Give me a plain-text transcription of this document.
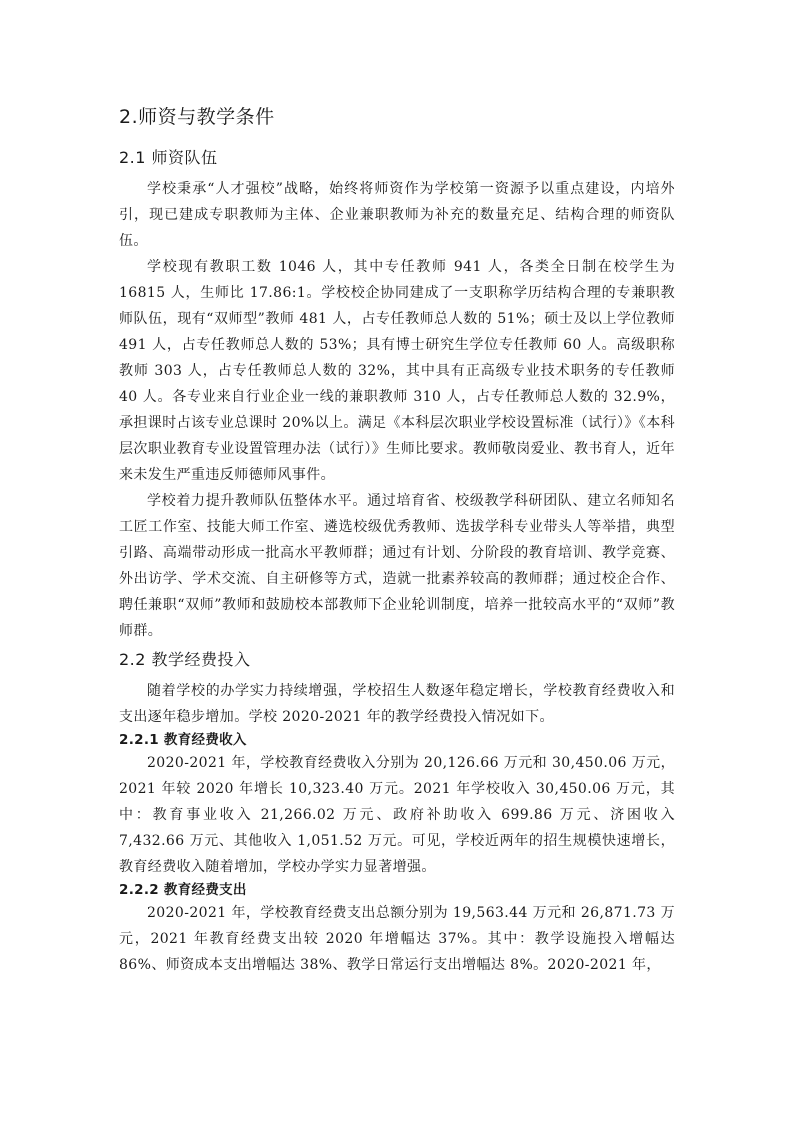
2.师资与教学条件
2.1 师资队伍

学校秉承“人才强校”战略，始终将师资作为学校第一资源予以重点建设，内培外引，现已建成专职教师为主体、企业兼职教师为补充的数量充足、结构合理的师资队伍。

学校现有教职工数 1046 人，其中专任教师 941 人，各类全日制在校学生为 16815 人，生师比 17.86:1。学校校企协同建成了一支职称学历结构合理的专兼职教师队伍，现有“双师型”教师 481 人，占专任教师总人数的 51%；硕士及以上学位教师 491 人，占专任教师总人数的 53%；具有博士研究生学位专任教师 60 人。高级职称教师 303 人，占专任教师总人数的 32%，其中具有正高级专业技术职务的专任教师 40 人。各专业来自行业企业一线的兼职教师 310 人，占专任教师总人数的 32.9%，承担课时占该专业总课时 20%以上。满足《本科层次职业学校设置标准（试行）》《本科层次职业教育专业设置管理办法（试行）》生师比要求。教师敬岗爱业、教书育人，近年来未发生严重违反师德师风事件。

学校着力提升教师队伍整体水平。通过培育省、校级教学科研团队、建立名师知名工匠工作室、技能大师工作室、遴选校级优秀教师、选拔学科专业带头人等举措，典型引路、高端带动形成一批高水平教师群；通过有计划、分阶段的教育培训、教学竞赛、外出访学、学术交流、自主研修等方式，造就一批素养较高的教师群；通过校企合作、聘任兼职“双师”教师和鼓励校本部教师下企业轮训制度，培养一批较高水平的“双师”教师群。

2.2 教学经费投入

随着学校的办学实力持续增强，学校招生人数逐年稳定增长，学校教育经费收入和支出逐年稳步增加。学校 2020-2021 年的教学经费投入情况如下。

2.2.1 教育经费收入

2020-2021 年，学校教育经费收入分别为 20,126.66 万元和 30,450.06 万元，2021 年较 2020 年增长 10,323.40 万元。2021 年学校收入 30,450.06 万元，其中：教育事业收入 21,266.02 万元、政府补助收入 699.86 万元、济困收入 7,432.66 万元、其他收入 1,051.52 万元。可见，学校近两年的招生规模快速增长，教育经费收入随着增加，学校办学实力显著增强。

2.2.2 教育经费支出

2020-2021 年，学校教育经费支出总额分别为 19,563.44 万元和 26,871.73 万元，2021 年教育经费支出较 2020 年增幅达 37%。其中：教学设施投入增幅达 86%、师资成本支出增幅达 38%、教学日常运行支出增幅达 8%。2020-2021 年，
